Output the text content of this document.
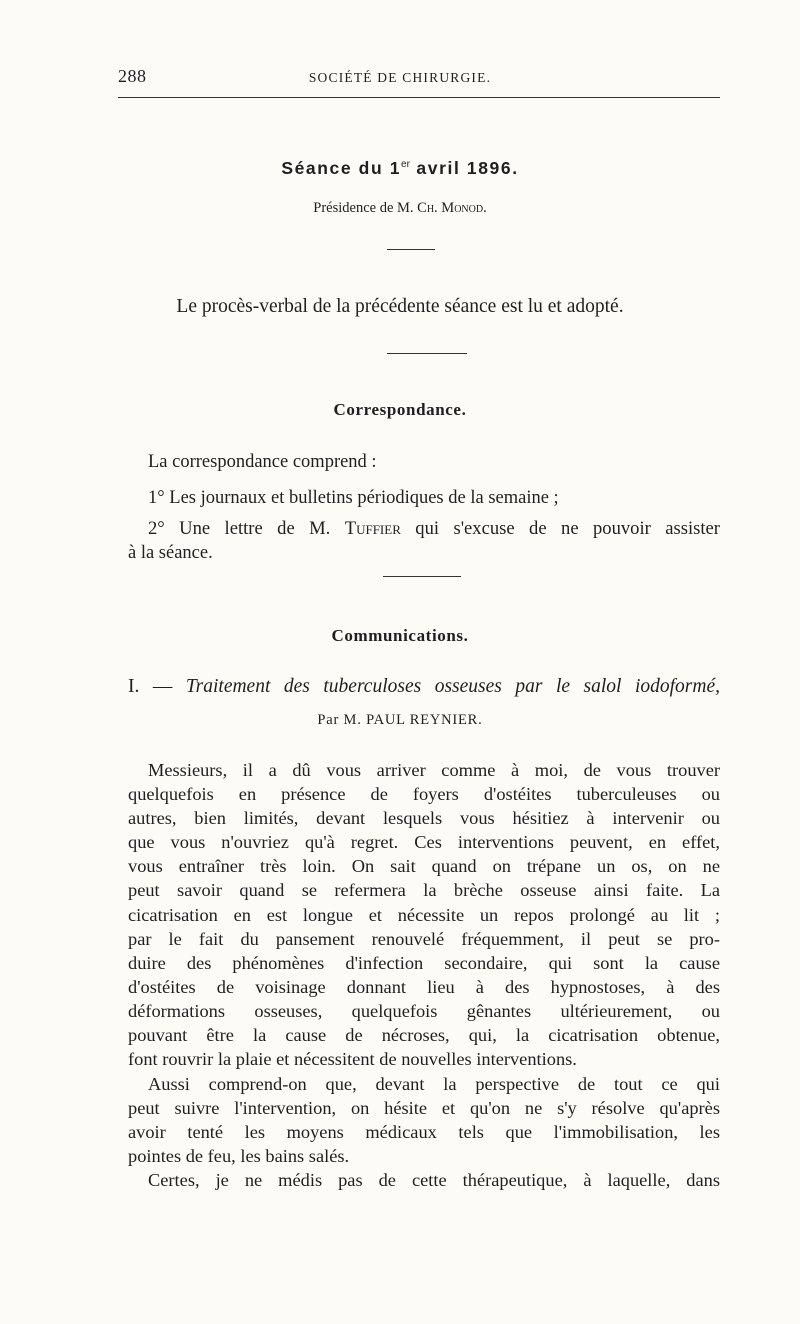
288	SOCIÉTÉ DE CHIRURGIE.
Séance du 1er avril 1896.
Présidence de M. Ch. Monod.
Le procès-verbal de la précédente séance est lu et adopté.
Correspondance.
La correspondance comprend :
1° Les journaux et bulletins périodiques de la semaine ;
2° Une lettre de M. Tuffier qui s'excuse de ne pouvoir assister
à la séance.
Communications.
I. — Traitement des tuberculoses osseuses par le salol iodoformé,
Par M. PAUL REYNIER.
Messieurs, il a dû vous arriver comme à moi, de vous trouver
quelquefois en présence de foyers d'ostéites tuberculeuses ou
autres, bien limités, devant lesquels vous hésitiez à intervenir ou
que vous n'ouvriez qu'à regret. Ces interventions peuvent, en effet,
vous entraîner très loin. On sait quand on trépane un os, on ne
peut savoir quand se refermera la brèche osseuse ainsi faite. La
cicatrisation en est longue et nécessite un repos prolongé au lit ;
par le fait du pansement renouvelé fréquemment, il peut se pro-
duire des phénomènes d'infection secondaire, qui sont la cause
d'ostéites de voisinage donnant lieu à des hypnostoses, à des
déformations osseuses, quelquefois gênantes ultérieurement, ou
pouvant être la cause de nécroses, qui, la cicatrisation obtenue,
font rouvrir la plaie et nécessitent de nouvelles interventions.
Aussi comprend-on que, devant la perspective de tout ce qui
peut suivre l'intervention, on hésite et qu'on ne s'y résolve qu'après
avoir tenté les moyens médicaux tels que l'immobilisation, les
pointes de feu, les bains salés.
Certes, je ne médis pas de cette thérapeutique, à laquelle, dans
